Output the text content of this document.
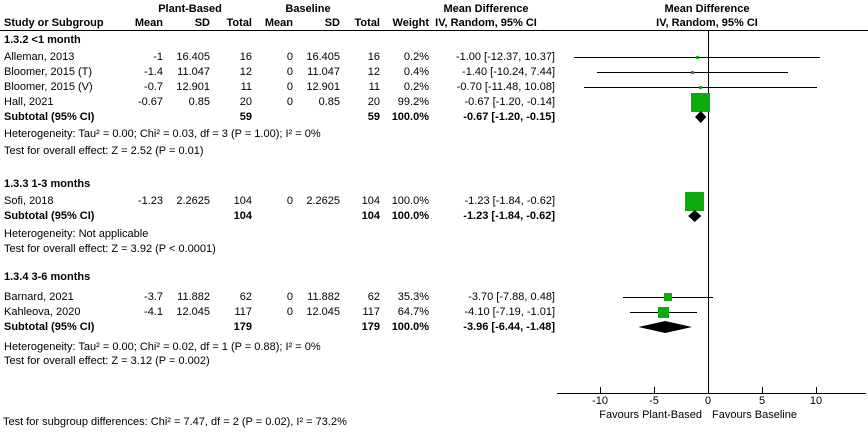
Plant-Based	Baseline	Mean Difference	Mean Difference
Study or Subgroup	Mean	SD Total Mean	SD Total Weight IV, Random, 95% CI	IV, Random, 95% CI
1.3.2 <1 month
Alleman, 2013	-1 16.405	16	0 16.405	16 0.2% -1.00 [-12.37, 10.37]
Bloomer, 2015 (T)	-1.4 11.047	12	0 11.047	12 0.4%	-1.40 [-10.24, 7.44]
Bloomer, 2015 (V)	-0.7 12.901	11	0 12.901	11 0.2%	-0.70 [-11.48, 10.08]
Hall, 2021	-0.67 0.85	20	0 0.85	20 99.2%	-0.67 [-1.20, -0.14]
Subtotal (95% CI)	59	59 100.0%	-0.67 [-1.20, -0.15]
Heterogeneity: Tau² = 0.00; Chi² = 0.03, df = 3 (P = 1.00); I² = 0%
Test for overall effect: Z = 2.52 (P = 0.01)
1.3.3 1-3 months
Sofi, 2018	-1.23 2.2625 104	0 2.2625 104 100.0%	-1.23 [-1.84, -0.62]
Subtotal (95% CI)	104	104 100.0%	-1.23 [-1.84, -0.62]
Heterogeneity: Not applicable
Test for overall effect: Z = 3.92 (P < 0.0001)
1.3.4 3-6 months
Barnard, 2021	-3.7 11.882	62	0 11.882	62 35.3%	-3.70 [-7.88, 0.48]
Kahleova, 2020	-4.1 12.045 117	0 12.045 117 64.7%	-4.10 [-7.19, -1.01]
Subtotal (95% CI)	179	179 100.0%	-3.96 [-6.44, -1.48]
Heterogeneity: Tau² = 0.00; Chi² = 0.02, df = 1 (P = 0.88); I² = 0%
Test for overall effect: Z = 3.12 (P = 0.002)
-10	-5	0	5	10
Favours Plant-Based Favours Baseline
Test for subgroup differences: Chi² = 7.47, df = 2 (P = 0.02), I² = 73.2%
